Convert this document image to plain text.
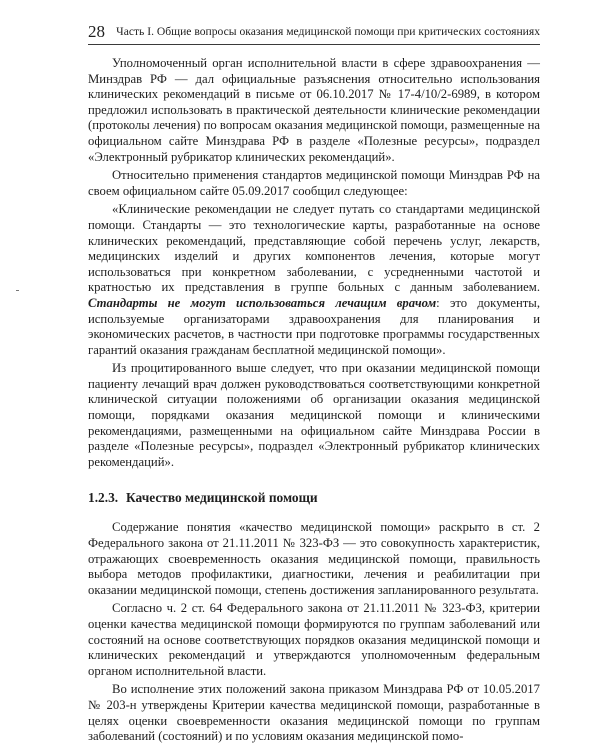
28 Часть I. Общие вопросы оказания медицинской помощи при критических состояниях

Уполномоченный орган исполнительной власти в сфере здравоохранения — Минздрав РФ — дал официальные разъяснения относительно использования клинических рекомендаций в письме от 06.10.2017 № 17-4/10/2-6989, в котором предложил использовать в практической деятельности клинические рекомендации (протоколы лечения) по вопросам оказания медицинской помощи, размещенные на официальном сайте Минздрава РФ в разделе «Полезные ресурсы», подраздел «Электронный рубрикатор клинических рекомендаций».

Относительно применения стандартов медицинской помощи Минздрав РФ на своем официальном сайте 05.09.2017 сообщил следующее:

«Клинические рекомендации не следует путать со стандартами медицинской помощи. Стандарты — это технологические карты, разработанные на основе клинических рекомендаций, представляющие собой перечень услуг, лекарств, медицинских изделий и других компонентов лечения, которые могут использоваться при конкретном заболевании, с усредненными частотой и кратностью их представления в группе больных с данным заболеванием. Стандарты не могут использоваться лечащим врачом: это документы, используемые организаторами здравоохранения для планирования и экономических расчетов, в частности при подготовке программы государственных гарантий оказания гражданам бесплатной медицинской помощи».

Из процитированного выше следует, что при оказании медицинской помощи пациенту лечащий врач должен руководствоваться соответствующими конкретной клинической ситуации положениями об организации оказания медицинской помощи, порядками оказания медицинской помощи и клиническими рекомендациями, размещенными на официальном сайте Минздрава России в разделе «Полезные ресурсы», подраздел «Электронный рубрикатор клинических рекомендаций».

1.2.3. Качество медицинской помощи

Содержание понятия «качество медицинской помощи» раскрыто в ст. 2 Федерального закона от 21.11.2011 № 323-ФЗ — это совокупность характеристик, отражающих своевременность оказания медицинской помощи, правильность выбора методов профилактики, диагностики, лечения и реабилитации при оказании медицинской помощи, степень достижения запланированного результата.

Согласно ч. 2 ст. 64 Федерального закона от 21.11.2011 № 323-ФЗ, критерии оценки качества медицинской помощи формируются по группам заболеваний или состояний на основе соответствующих порядков оказания медицинской помощи и клинических рекомендаций и утверждаются уполномоченным федеральным органом исполнительной власти.

Во исполнение этих положений закона приказом Минздрава РФ от 10.05.2017 № 203-н утверждены Критерии качества медицинской помощи, разработанные в целях оценки своевременности оказания медицинской помощи по группам заболеваний (состояний) и по условиям оказания медицинской помо-
